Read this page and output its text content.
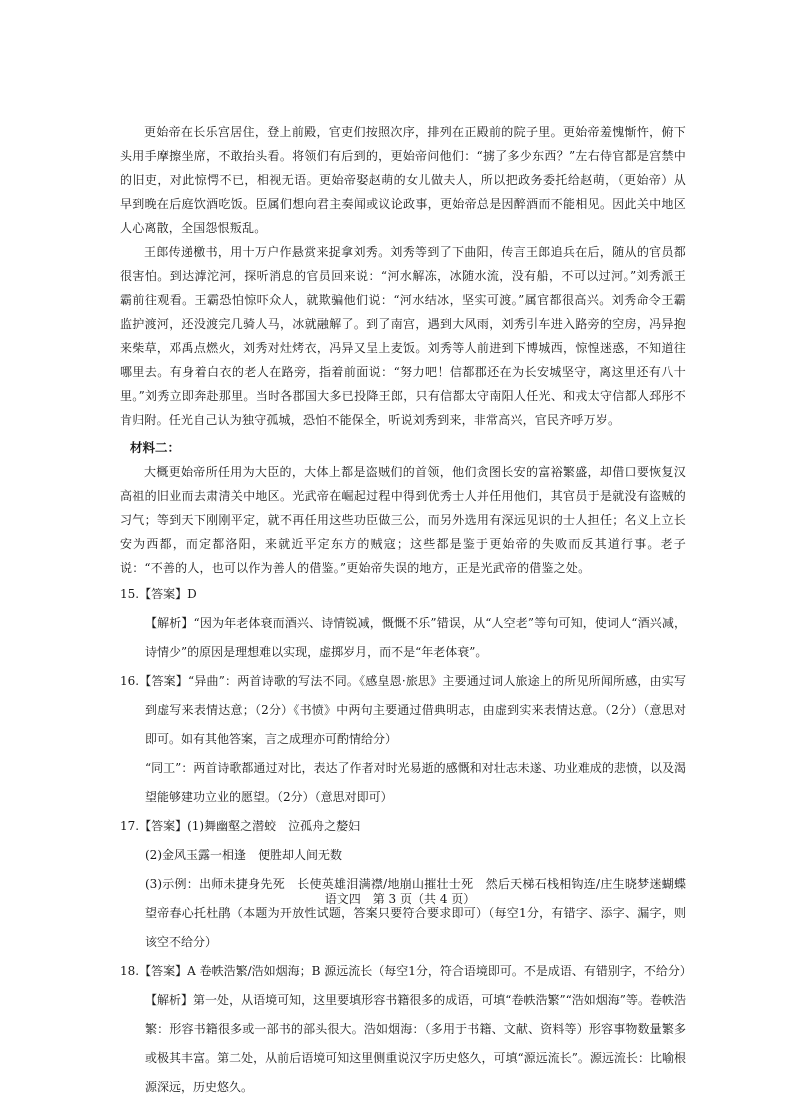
更始帝在长乐宫居住，登上前殿，官吏们按照次序，排列在正殿前的院子里。更始帝羞愧惭忤，俯下头用手摩擦坐席，不敢抬头看。将领们有后到的，更始帝问他们：“掳了多少东西？”左右侍官都是宫禁中的旧吏，对此惊愕不已，相视无语。更始帝娶赵萌的女儿做夫人，所以把政务委托给赵萌，（更始帝）从早到晚在后庭饮酒吃饭。臣属们想向君主奏闻或议论政事，更始帝总是因醉酒而不能相见。因此关中地区人心离散，全国怨恨叛乱。

王郎传递檄书，用十万户作悬赏来捉拿刘秀。刘秀等到了下曲阳，传言王郎追兵在后，随从的官员都很害怕。到达滹沱河，探听消息的官员回来说：“河水解冻，冰随水流，没有船，不可以过河。”刘秀派王霸前往观看。王霸恐怕惊吓众人，就欺骗他们说：“河水结冰，坚实可渡。”属官都很高兴。刘秀命令王霸监护渡河，还没渡完几骑人马，冰就融解了。到了南宫，遇到大风雨，刘秀引车进入路旁的空房，冯异抱来柴草，邓禹点燃火，刘秀对灶烤衣，冯异又呈上麦饭。刘秀等人前进到下博城西，惊惶迷惑，不知道往哪里去。有身着白衣的老人在路旁，指着前面说：“努力吧！信都郡还在为长安城坚守，离这里还有八十里。”刘秀立即奔赴那里。当时各郡国大多已投降王郎，只有信都太守南阳人任光、和戎太守信都人邳彤不肯归附。任光自己认为独守孤城，恐怕不能保全，听说刘秀到来，非常高兴，官民齐呼万岁。

材料二：

大概更始帝所任用为大臣的，大体上都是盗贼们的首领，他们贪图长安的富裕繁盛，却借口要恢复汉高祖的旧业而去肃清关中地区。光武帝在崛起过程中得到优秀士人并任用他们，其官员于是就没有盗贼的习气；等到天下刚刚平定，就不再任用这些功臣做三公，而另外选用有深远见识的士人担任；名义上立长安为西都，而定都洛阳，来就近平定东方的贼寇；这些都是鉴于更始帝的失败而反其道行事。老子说：“不善的人，也可以作为善人的借鉴。”更始帝失误的地方，正是光武帝的借鉴之处。

15.【答案】D

【解析】“因为年老体衰而酒兴、诗情锐减，慨慨不乐”错误，从“人空老”等句可知，使词人“酒兴减，诗情少”的原因是理想难以实现，虚掷岁月，而不是“年老体衰”。

16.【答案】“异曲”：两首诗歌的写法不同。《感皇恩·旅思》主要通过词人旅途上的所见所闻所感，由实写到虚写来表情达意；（2分）《书愤》中两句主要通过借典明志，由虚到实来表情达意。（2分）（意思对即可。如有其他答案，言之成理亦可酌情给分）

“同工”：两首诗歌都通过对比，表达了作者对时光易逝的感慨和对壮志未遂、功业难成的悲愤，以及渴望能够建功立业的愿望。（2分）（意思对即可）

17.【答案】(1)舞幽壑之潜蛟　泣孤舟之嫠妇

(2)金风玉露一相逢　便胜却人间无数

(3)示例：出师未捷身先死　长使英雄泪满襟/地崩山摧壮士死　然后天梯石栈相钩连/庄生晓梦迷蝴蝶　望帝春心托杜鹃（本题为开放性试题，答案只要符合要求即可）（每空1分，有错字、添字、漏字，则该空不给分）

18.【答案】A 卷帙浩繁/浩如烟海；B 源远流长（每空1分，符合语境即可。不是成语、有错别字，不给分）

【解析】第一处，从语境可知，这里要填形容书籍很多的成语，可填“卷帙浩繁”“浩如烟海”等。卷帙浩繁：形容书籍很多或一部书的部头很大。浩如烟海：（多用于书籍、文献、资料等）形容事物数量繁多或极其丰富。第二处，从前后语境可知这里侧重说汉字历史悠久，可填“源远流长”。源远流长：比喻根源深远，历史悠久。

语文四　第 3 页（共 4 页）
